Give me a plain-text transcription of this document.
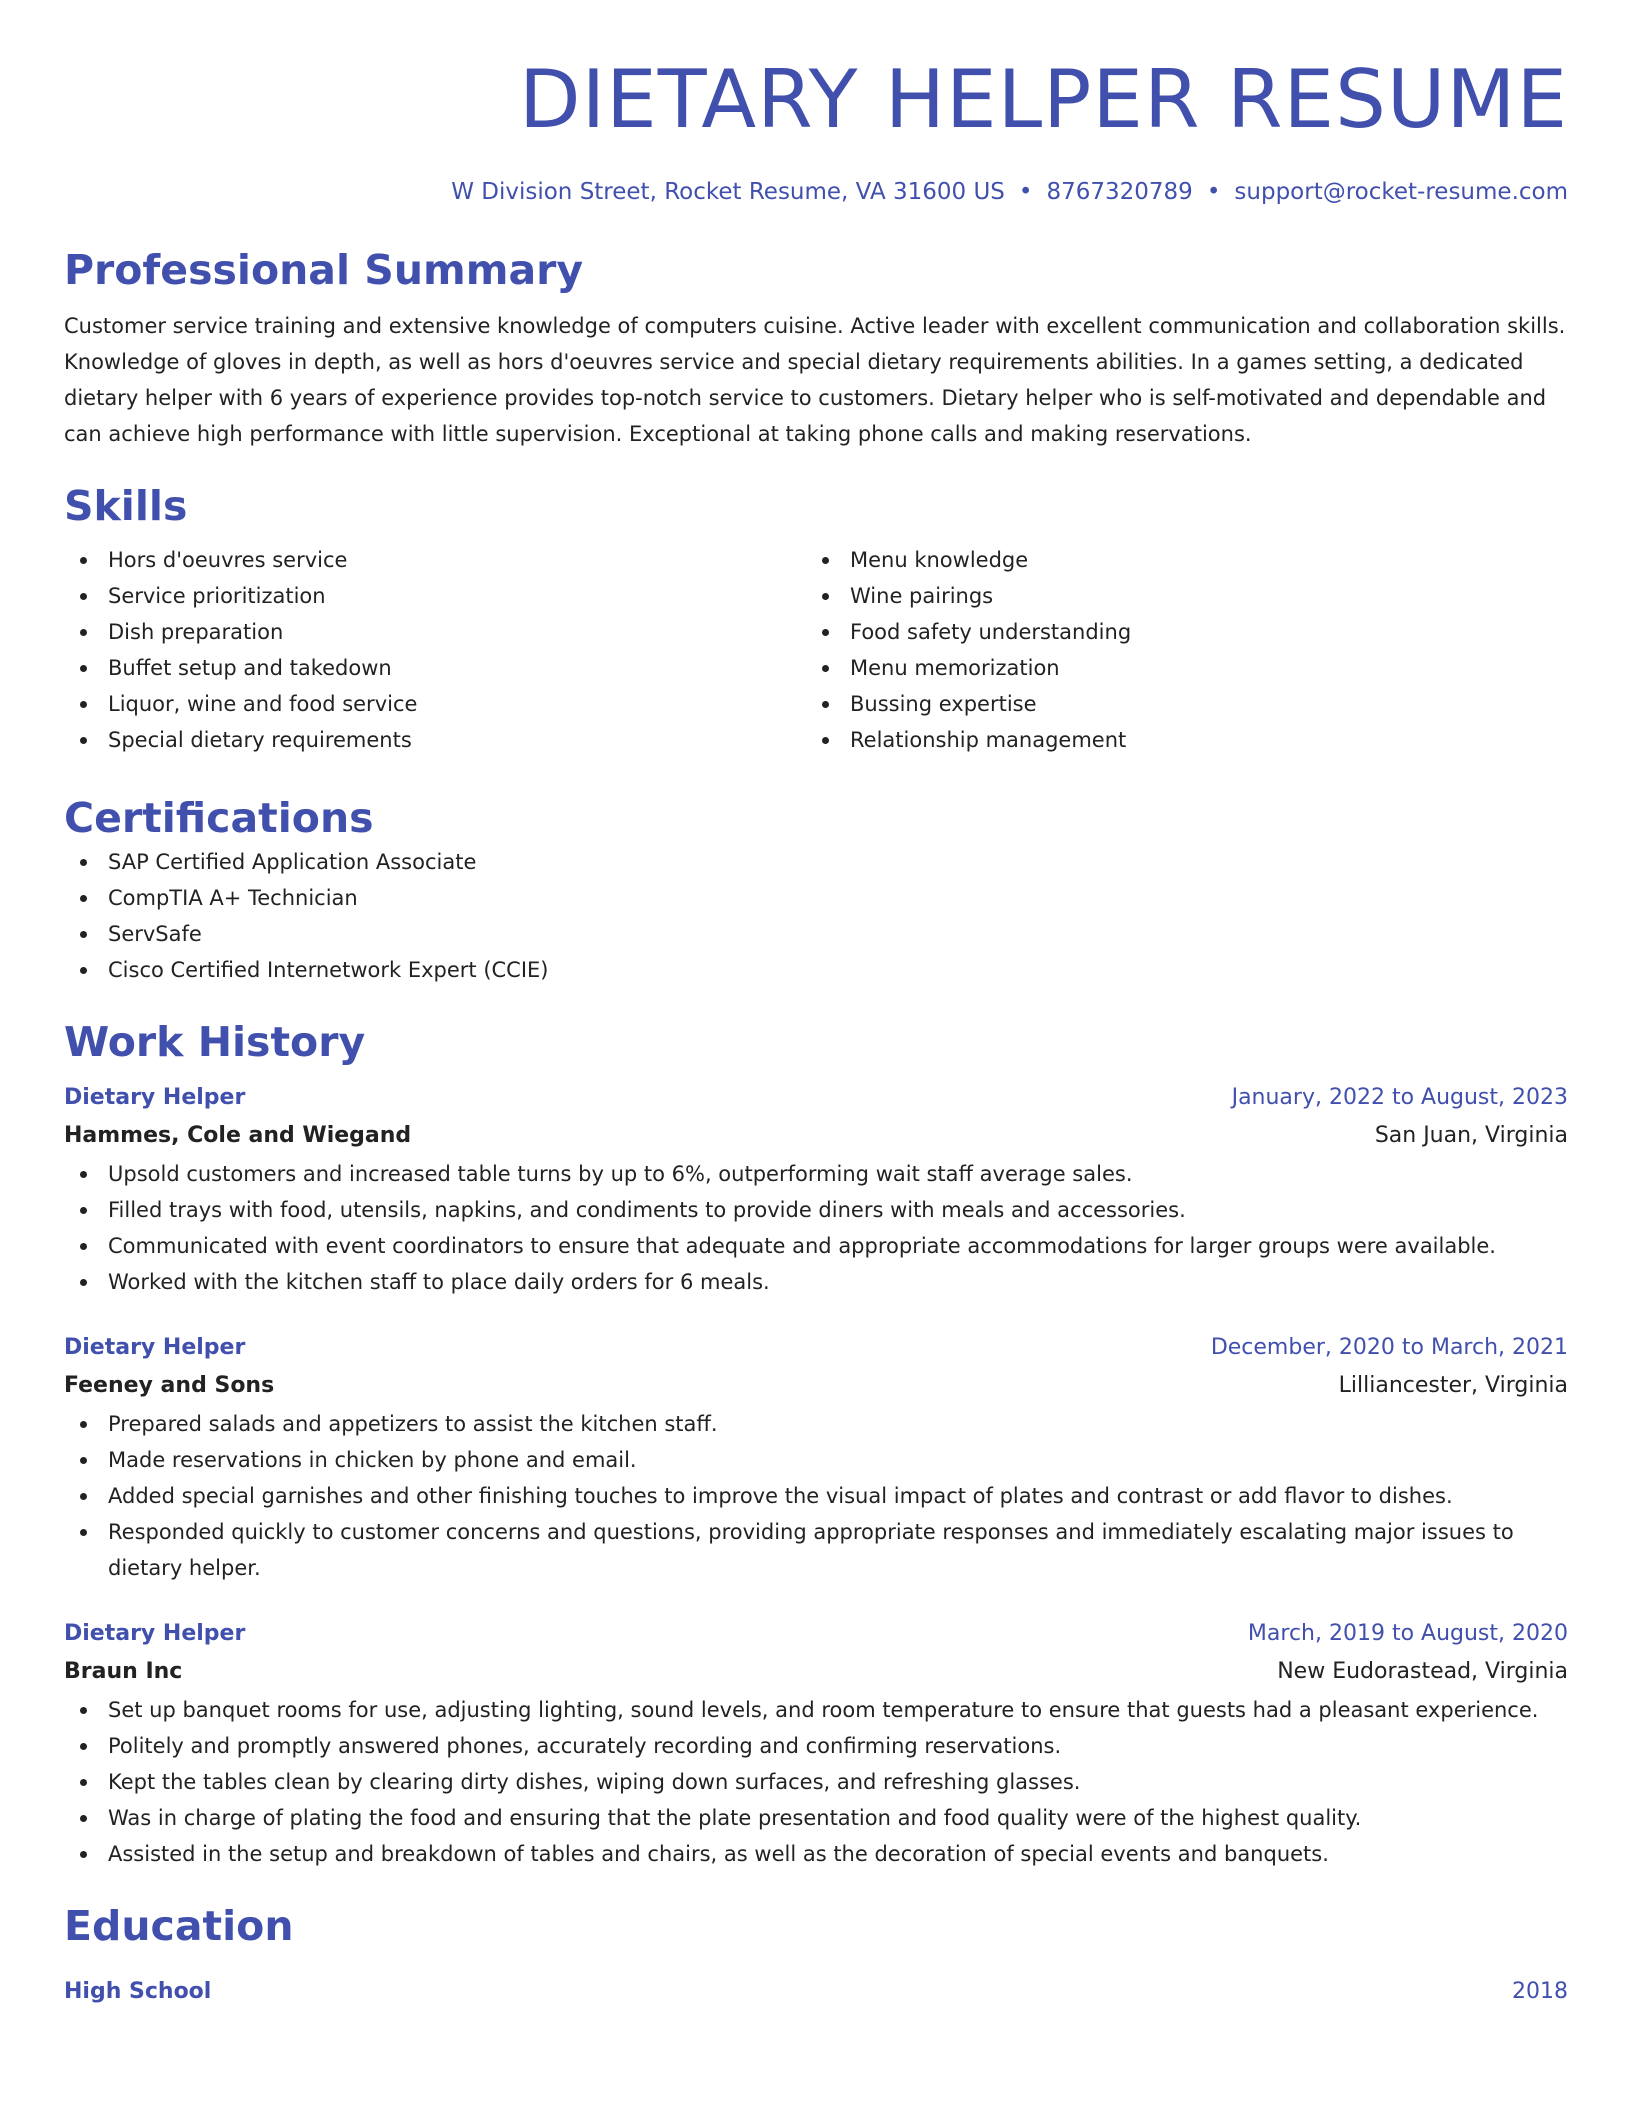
DIETARY HELPER RESUME
W Division Street, Rocket Resume, VA 31600 US • 8767320789 • support@rocket-resume.com
Professional Summary
Customer service training and extensive knowledge of computers cuisine. Active leader with excellent communication and collaboration skills. Knowledge of gloves in depth, as well as hors d'oeuvres service and special dietary requirements abilities. In a games setting, a dedicated dietary helper with 6 years of experience provides top-notch service to customers. Dietary helper who is self-motivated and dependable and can achieve high performance with little supervision. Exceptional at taking phone calls and making reservations.
Skills
Hors d'oeuvres service
Service prioritization
Dish preparation
Buffet setup and takedown
Liquor, wine and food service
Special dietary requirements
Menu knowledge
Wine pairings
Food safety understanding
Menu memorization
Bussing expertise
Relationship management
Certifications
SAP Certified Application Associate
CompTIA A+ Technician
ServSafe
Cisco Certified Internetwork Expert (CCIE)
Work History
Dietary Helper	January, 2022 to August, 2023
Hammes, Cole and Wiegand	San Juan, Virginia
Upsold customers and increased table turns by up to 6%, outperforming wait staff average sales.
Filled trays with food, utensils, napkins, and condiments to provide diners with meals and accessories.
Communicated with event coordinators to ensure that adequate and appropriate accommodations for larger groups were available.
Worked with the kitchen staff to place daily orders for 6 meals.
Dietary Helper	December, 2020 to March, 2021
Feeney and Sons	Lilliancester, Virginia
Prepared salads and appetizers to assist the kitchen staff.
Made reservations in chicken by phone and email.
Added special garnishes and other finishing touches to improve the visual impact of plates and contrast or add flavor to dishes.
Responded quickly to customer concerns and questions, providing appropriate responses and immediately escalating major issues to dietary helper.
Dietary Helper	March, 2019 to August, 2020
Braun Inc	New Eudorastead, Virginia
Set up banquet rooms for use, adjusting lighting, sound levels, and room temperature to ensure that guests had a pleasant experience.
Politely and promptly answered phones, accurately recording and confirming reservations.
Kept the tables clean by clearing dirty dishes, wiping down surfaces, and refreshing glasses.
Was in charge of plating the food and ensuring that the plate presentation and food quality were of the highest quality.
Assisted in the setup and breakdown of tables and chairs, as well as the decoration of special events and banquets.
Education
High School	2018
